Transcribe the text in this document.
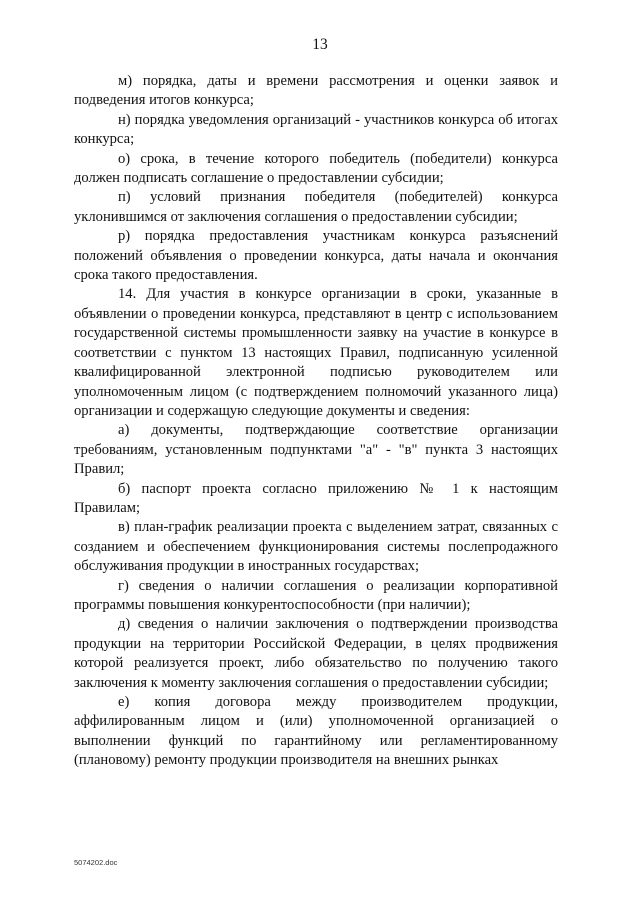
13

м) порядка, даты и времени рассмотрения и оценки заявок и подведения итогов конкурса;

н) порядка уведомления организаций - участников конкурса об итогах конкурса;

о) срока, в течение которого победитель (победители) конкурса должен подписать соглашение о предоставлении субсидии;

п) условий признания победителя (победителей) конкурса уклонившимся от заключения соглашения о предоставлении субсидии;

р) порядка предоставления участникам конкурса разъяснений положений объявления о проведении конкурса, даты начала и окончания срока такого предоставления.

14. Для участия в конкурсе организации в сроки, указанные в объявлении о проведении конкурса, представляют в центр с использованием государственной системы промышленности заявку на участие в конкурсе в соответствии с пунктом 13 настоящих Правил, подписанную усиленной квалифицированной электронной подписью руководителем или уполномоченным лицом (с подтверждением полномочий указанного лица) организации и содержащую следующие документы и сведения:

а) документы, подтверждающие соответствие организации требованиям, установленным подпунктами "а" - "в" пункта 3 настоящих Правил;

б) паспорт проекта согласно приложению № 1 к настоящим Правилам;

в) план-график реализации проекта с выделением затрат, связанных с созданием и обеспечением функционирования системы послепродажного обслуживания продукции в иностранных государствах;

г) сведения о наличии соглашения о реализации корпоративной программы повышения конкурентоспособности (при наличии);

д) сведения о наличии заключения о подтверждении производства продукции на территории Российской Федерации, в целях продвижения которой реализуется проект, либо обязательство по получению такого заключения к моменту заключения соглашения о предоставлении субсидии;

е) копия договора между производителем продукции, аффилированным лицом и (или) уполномоченной организацией о выполнении функций по гарантийному или регламентированному (плановому) ремонту продукции производителя на внешних рынках

5074202.doc
